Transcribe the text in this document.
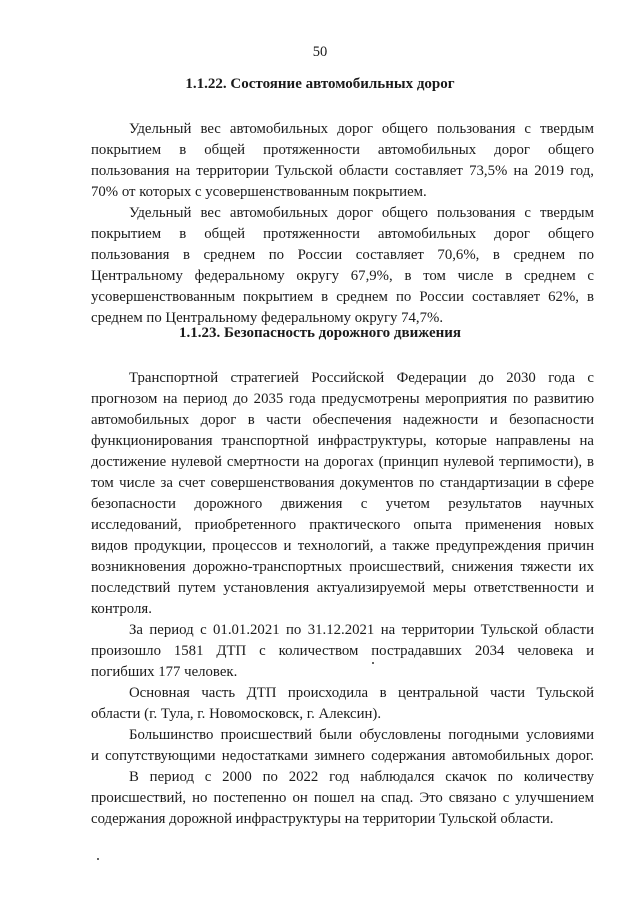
50
1.1.22. Состояние автомобильных дорог
Удельный вес автомобильных дорог общего пользования с твердым
покрытием в общей протяженности автомобильных дорог общего
пользования на территории Тульской области составляет 73,5% на 2019 год,
70% от которых с усовершенствованным покрытием.
Удельный вес автомобильных дорог общего пользования с твердым
покрытием в общей протяженности автомобильных дорог общего
пользования в среднем по России составляет 70,6%, в среднем по
Центральному федеральному округу 67,9%, в том числе в среднем с
усовершенствованным покрытием в среднем по России составляет 62%, в
среднем по Центральному федеральному округу 74,7%.
1.1.23. Безопасность дорожного движения
Транспортной стратегией Российской Федерации до 2030 года с
прогнозом на период до 2035 года предусмотрены мероприятия по развитию
автомобильных дорог в части обеспечения надежности и безопасности
функционирования транспортной инфраструктуры, которые направлены на
достижение нулевой смертности на дорогах (принцип нулевой терпимости), в
том числе за счет совершенствования документов по стандартизации в сфере
безопасности дорожного движения с учетом результатов научных
исследований, приобретенного практического опыта применения новых
видов продукции, процессов и технологий, а также предупреждения причин
возникновения дорожно-транспортных происшествий, снижения тяжести их
последствий путем установления актуализируемой меры ответственности и
контроля.
За период с 01.01.2021 по 31.12.2021 на территории Тульской области
произошло 1581 ДТП с количеством пострадавших 2034 человека и
погибших 177 человек.
Основная часть ДТП происходила в центральной части Тульской
области (г. Тула, г. Новомосковск, г. Алексин).
Большинство происшествий были обусловлены погодными условиями
и сопутствующими недостатками зимнего содержания автомобильных дорог.
В период с 2000 по 2022 год наблюдался скачок по количеству
происшествий, но постепенно он пошел на спад. Это связано с улучшением
содержания дорожной инфраструктуры на территории Тульской области.
